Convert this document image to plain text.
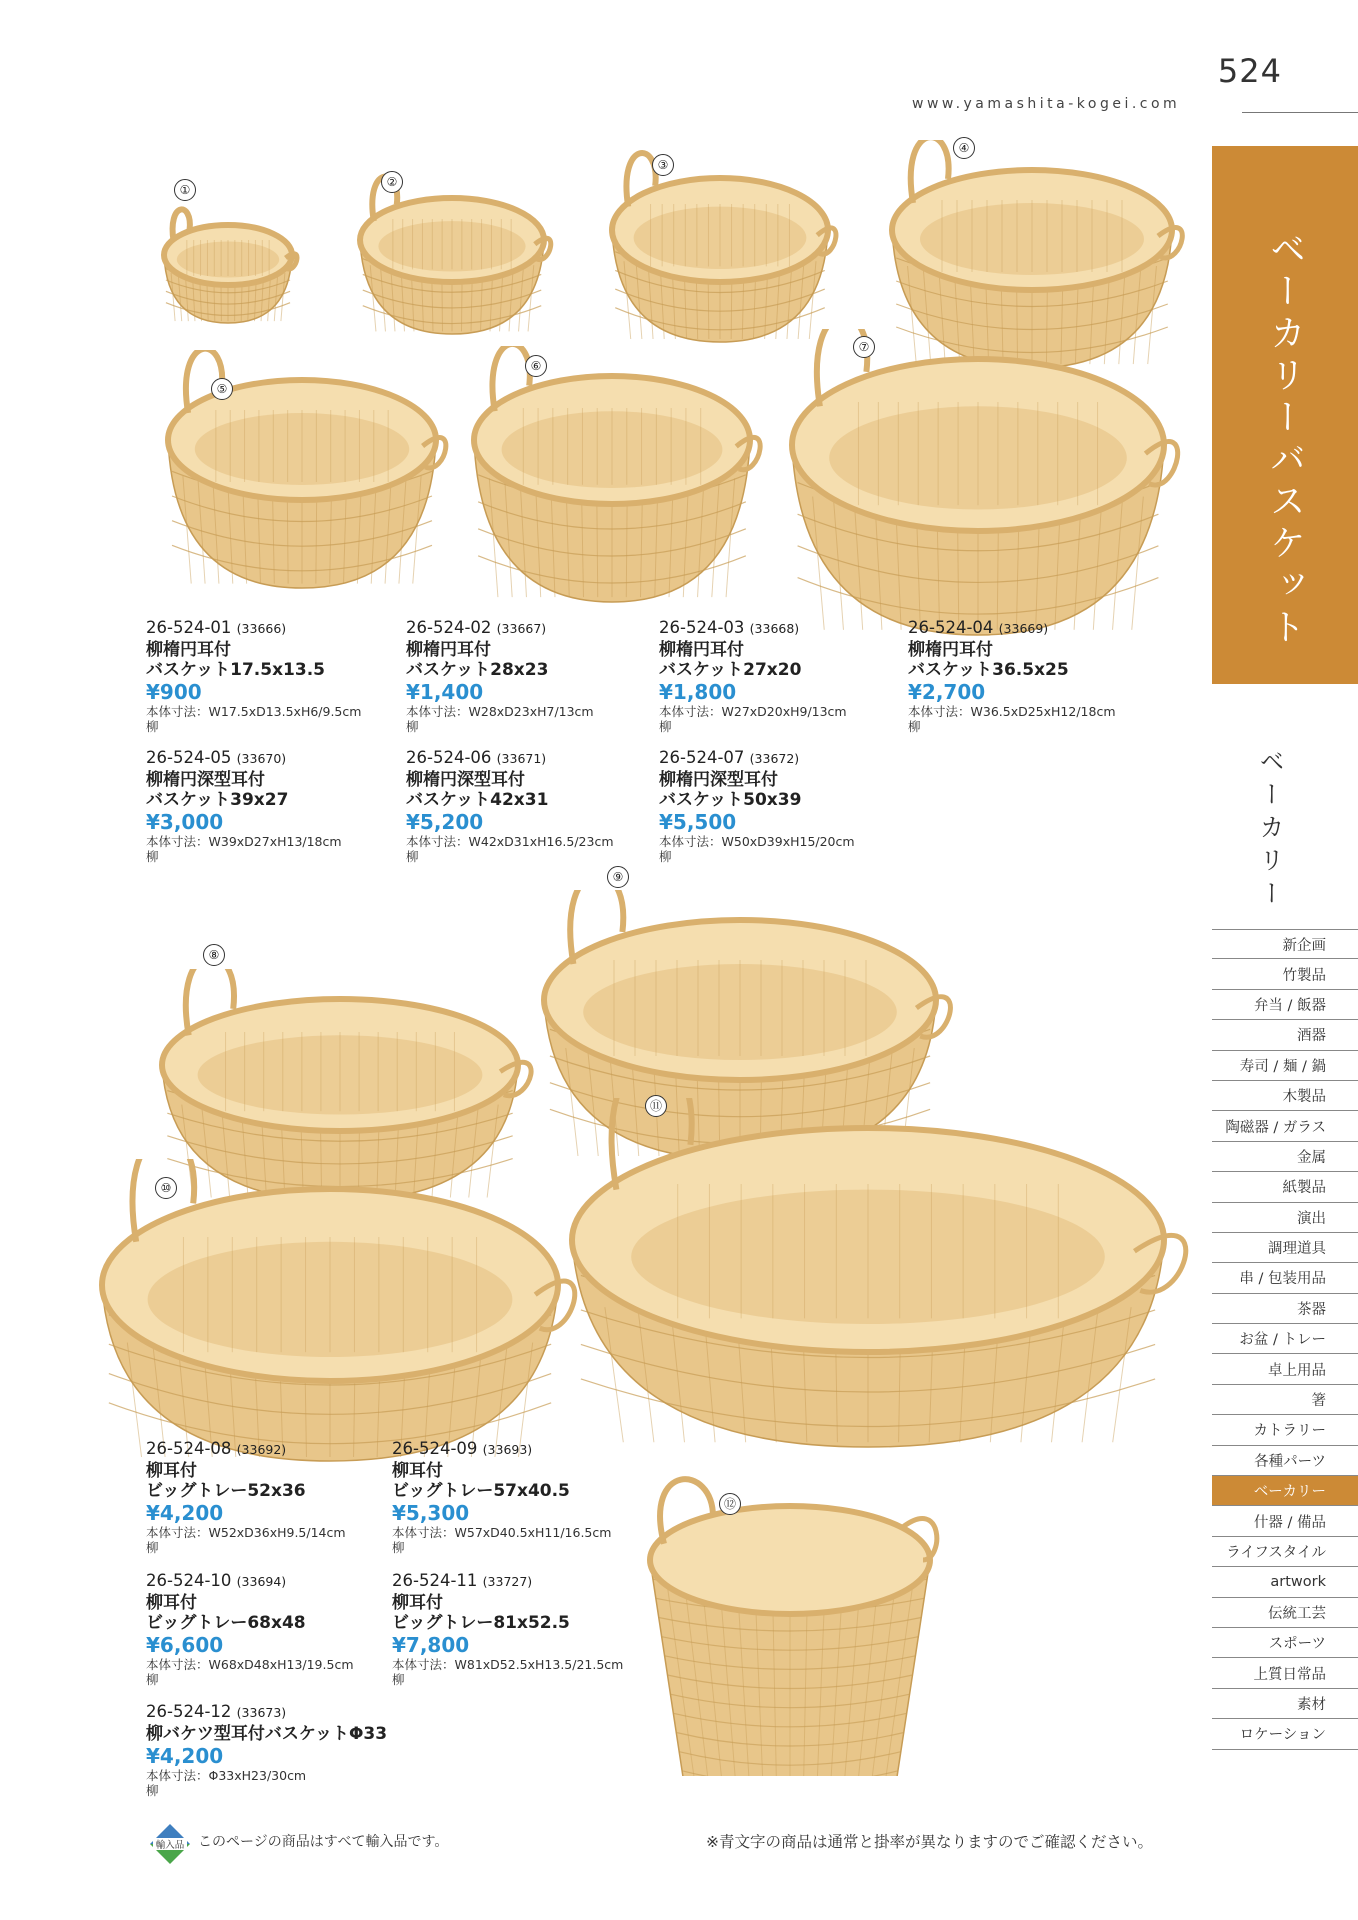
524
www.yamashita-kogei.com
ベーカリーバスケット
ベーカリー
新企画
竹製品
弁当 / 飯器
酒器
寿司 / 麺 / 鍋
木製品
陶磁器 / ガラス
金属
紙製品
演出
調理道具
串 / 包装用品
茶器
お盆 / トレー
卓上用品
箸
カトラリー
各種パーツ
ベーカリー
什器 / 備品
ライフスタイル
artwork
伝統工芸
スポーツ
上質日常品
素材
ロケーション
①
②
③
④
⑤
⑥
⑦
⑧
⑨
⑩
⑪
⑫
26-524-01 (33666)
柳楕円耳付
バスケット17.5x13.5
¥900
本体寸法：W17.5xD13.5xH6/9.5cm
柳
26-524-02 (33667)
柳楕円耳付
バスケット28x23
¥1,400
本体寸法：W28xD23xH7/13cm
柳
26-524-03 (33668)
柳楕円耳付
バスケット27x20
¥1,800
本体寸法：W27xD20xH9/13cm
柳
26-524-04 (33669)
柳楕円耳付
バスケット36.5x25
¥2,700
本体寸法：W36.5xD25xH12/18cm
柳
26-524-05 (33670)
柳楕円深型耳付
バスケット39x27
¥3,000
本体寸法：W39xD27xH13/18cm
柳
26-524-06 (33671)
柳楕円深型耳付
バスケット42x31
¥5,200
本体寸法：W42xD31xH16.5/23cm
柳
26-524-07 (33672)
柳楕円深型耳付
バスケット50x39
¥5,500
本体寸法：W50xD39xH15/20cm
柳
26-524-08 (33692)
柳耳付
ビッグトレー52x36
¥4,200
本体寸法：W52xD36xH9.5/14cm
柳
26-524-09 (33693)
柳耳付
ビッグトレー57x40.5
¥5,300
本体寸法：W57xD40.5xH11/16.5cm
柳
26-524-10 (33694)
柳耳付
ビッグトレー68x48
¥6,600
本体寸法：W68xD48xH13/19.5cm
柳
26-524-11 (33727)
柳耳付
ビッグトレー81x52.5
¥7,800
本体寸法：W81xD52.5xH13.5/21.5cm
柳
26-524-12 (33673)
柳バケツ型耳付バスケットΦ33
¥4,200
本体寸法：Φ33xH23/30cm
柳
輸入品 このページの商品はすべて輸入品です。	※青文字の商品は通常と掛率が異なりますのでご確認ください。
